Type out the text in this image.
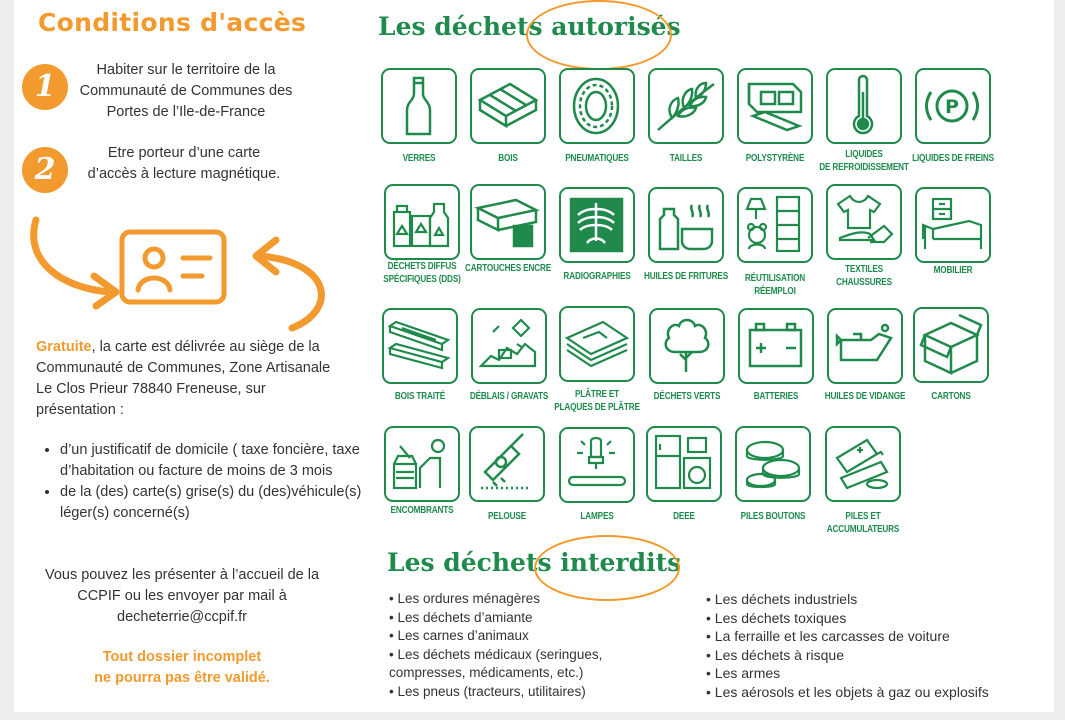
Conditions d'accès
1	Habiter sur le territoire de la Communauté de Communes des Portes de l’Ile-de-France
2	Etre porteur d’une carte d’accès à lecture magnétique.
Gratuite, la carte est délivrée au siège de la Communauté de Communes, Zone Artisanale Le Clos Prieur 78840 Freneuse, sur présentation :
• d’un justificatif de domicile ( taxe foncière, taxe d’habitation ou facture de moins de 3 mois
• de la (des) carte(s) grise(s) du (des)véhicule(s) léger(s) concerné(s)
Vous pouvez les présenter à l’accueil de la CCPIF ou les envoyer par mail à decheterrie@ccpif.fr
Tout dossier incomplet
ne pourra pas être validé.
Les déchets autorisés
VERRES	BOIS	PNEUMATIQUES	TAILLES	POLYSTYRÈNE	LIQUIDES
DE REFROIDISSEMENT
P
LIQUIDES DE FREINS

DÉCHETS DIFFUS
SPÉCIFIQUES (DDS)
CARTOUCHES ENCRE

RADIOGRAPHIES	HUILES DE FRITURES	RÉUTILISATION
RÉEMPLOI
TEXTILES
CHAUSSURES
MOBILIER

BOIS TRAITÉ	DÉBLAIS / GRAVATS	PLÂTRE ET
PLAQUES DE PLÂTRE
DÉCHETS VERTS	BATTERIES	HUILES DE VIDANGE	CARTONS

ENCOMBRANTS

PELOUSE	LAMPES	DEEE	PILES BOUTONS	PILES ET
ACCUMULATEURS
Les déchets interdits
• Les ordures ménagères
• Les déchets d’amiante
• Les carnes d’animaux
• Les déchets médicaux (seringues,
compresses, médicaments, etc.)
• Les pneus (tracteurs, utilitaires)
• Les déchets industriels
• Les déchets toxiques
• La ferraille et les carcasses de voiture
• Les déchets à risque
• Les armes
• Les aérosols et les objets à gaz ou explosifs
